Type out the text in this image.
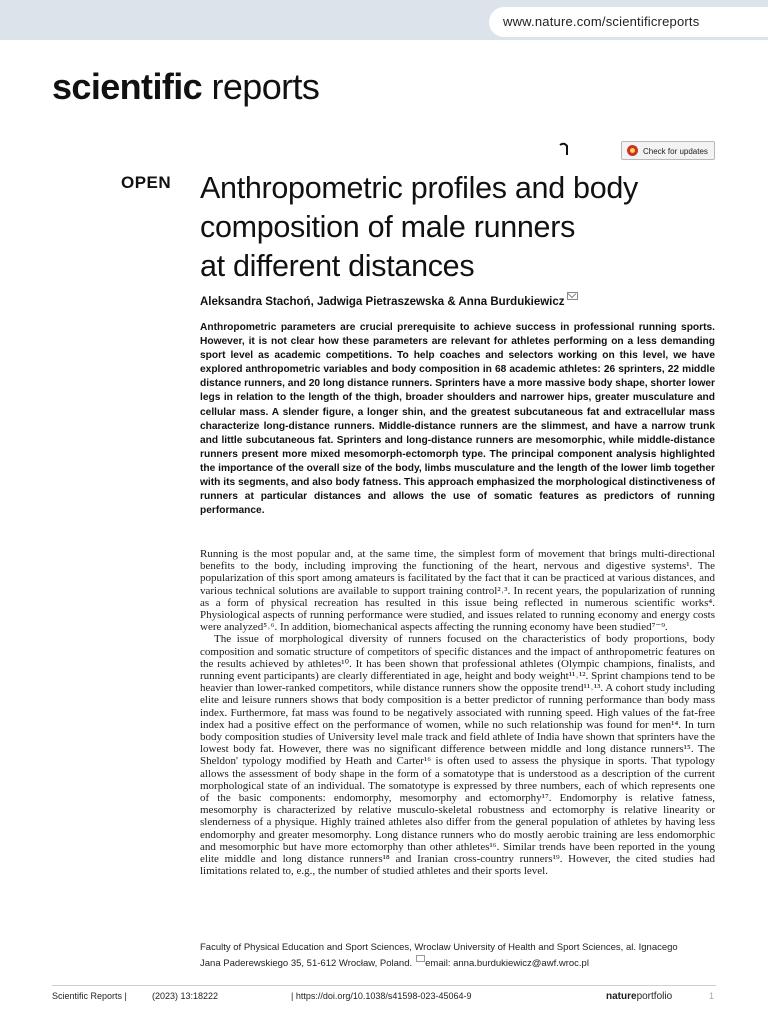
www.nature.com/scientificreports
scientific reports
Check for updates
OPEN Anthropometric profiles and body
composition of male runners
at different distances
Aleksandra Stachoń, Jadwiga Pietraszewska & Anna Burdukiewicz

Anthropometric parameters are crucial prerequisite to achieve success in professional running sports. However, it is not clear how these parameters are relevant for athletes performing on a less demanding sport level as academic competitions. To help coaches and selectors working on this level, we have explored anthropometric variables and body composition in 68 academic athletes: 26 sprinters, 22 middle distance runners, and 20 long distance runners. Sprinters have a more massive body shape, shorter lower legs in relation to the length of the thigh, broader shoulders and narrower hips, greater musculature and cellular mass. A slender figure, a longer shin, and the greatest subcutaneous fat and extracellular mass characterize long-distance runners. Middle-distance runners are the slimmest, and have a narrow trunk and little subcutaneous fat. Sprinters and long-distance runners are mesomorphic, while middle-distance runners present more mixed mesomorph-ectomorph type. The principal component analysis highlighted the importance of the overall size of the body, limbs musculature and the length of the lower limb together with its segments, and also body fatness. This approach emphasized the morphological distinctiveness of runners at particular distances and allows the use of somatic features as predictors of running performance.

Running is the most popular and, at the same time, the simplest form of movement that brings multi-directional benefits to the body, including improving the functioning of the heart, nervous and digestive systems¹. The popularization of this sport among amateurs is facilitated by the fact that it can be practiced at various distances, and various technical solutions are available to support training control²˒³. In recent years, the popularization of running as a form of physical recreation has resulted in this issue being reflected in numerous scientific works⁴. Physiological aspects of running performance were studied, and issues related to running economy and energy costs were analyzed⁵˒⁶. In addition, biomechanical aspects affecting the running economy have been studied⁷⁻⁹.

The issue of morphological diversity of runners focused on the characteristics of body proportions, body composition and somatic structure of competitors of specific distances and the impact of anthropometric features on the results achieved by athletes¹⁰. It has been shown that professional athletes (Olympic champions, finalists, and running event participants) are clearly differentiated in age, height and body weight¹¹˒¹². Sprint champions tend to be heavier than lower-ranked competitors, while distance runners show the opposite trend¹¹˒¹³. A cohort study including elite and leisure runners shows that body composition is a better predictor of running performance than body mass index. Furthermore, fat mass was found to be negatively associated with running speed. High values of the fat-free index had a positive effect on the performance of women, while no such relationship was found for men¹⁴. In turn body composition studies of University level male track and field athlete of India have shown that sprinters have the lowest body fat. However, there was no significant difference between middle and long distance runners¹⁵. The Sheldon' typology modified by Heath and Carter¹⁶ is often used to assess the physique in sports. That typology allows the assessment of body shape in the form of a somatotype that is understood as a description of the current morphological state of an individual. The somatotype is expressed by three numbers, each of which represents one of the basic components: endomorphy, mesomorphy and ectomorphy¹⁷. Endomorphy is relative fatness, mesomorphy is characterized by relative musculo-skeletal robustness and ectomorphy is relative linearity or slenderness of a physique. Highly trained athletes also differ from the general population of athletes by having less endomorphy and greater mesomorphy. Long distance runners who do mostly aerobic training are less endomorphic and mesomorphic but have more ectomorphy than other athletes¹⁶. Similar trends have been reported in the young elite middle and long distance runners¹⁸ and Iranian cross-country runners¹⁹. However, the cited studies had limitations related to, e.g., the number of studied athletes and their sports level.

Faculty of Physical Education and Sport Sciences, Wroclaw University of Health and Sport Sciences, al. Ignacego
Jana Paderewskiego 35, 51-612 Wrocław, Poland. email: anna.burdukiewicz@awf.wroc.pl
Scientific Reports |	(2023) 13:18222	| https://doi.org/10.1038/s41598-023-45064-9	natureportfolio	1
